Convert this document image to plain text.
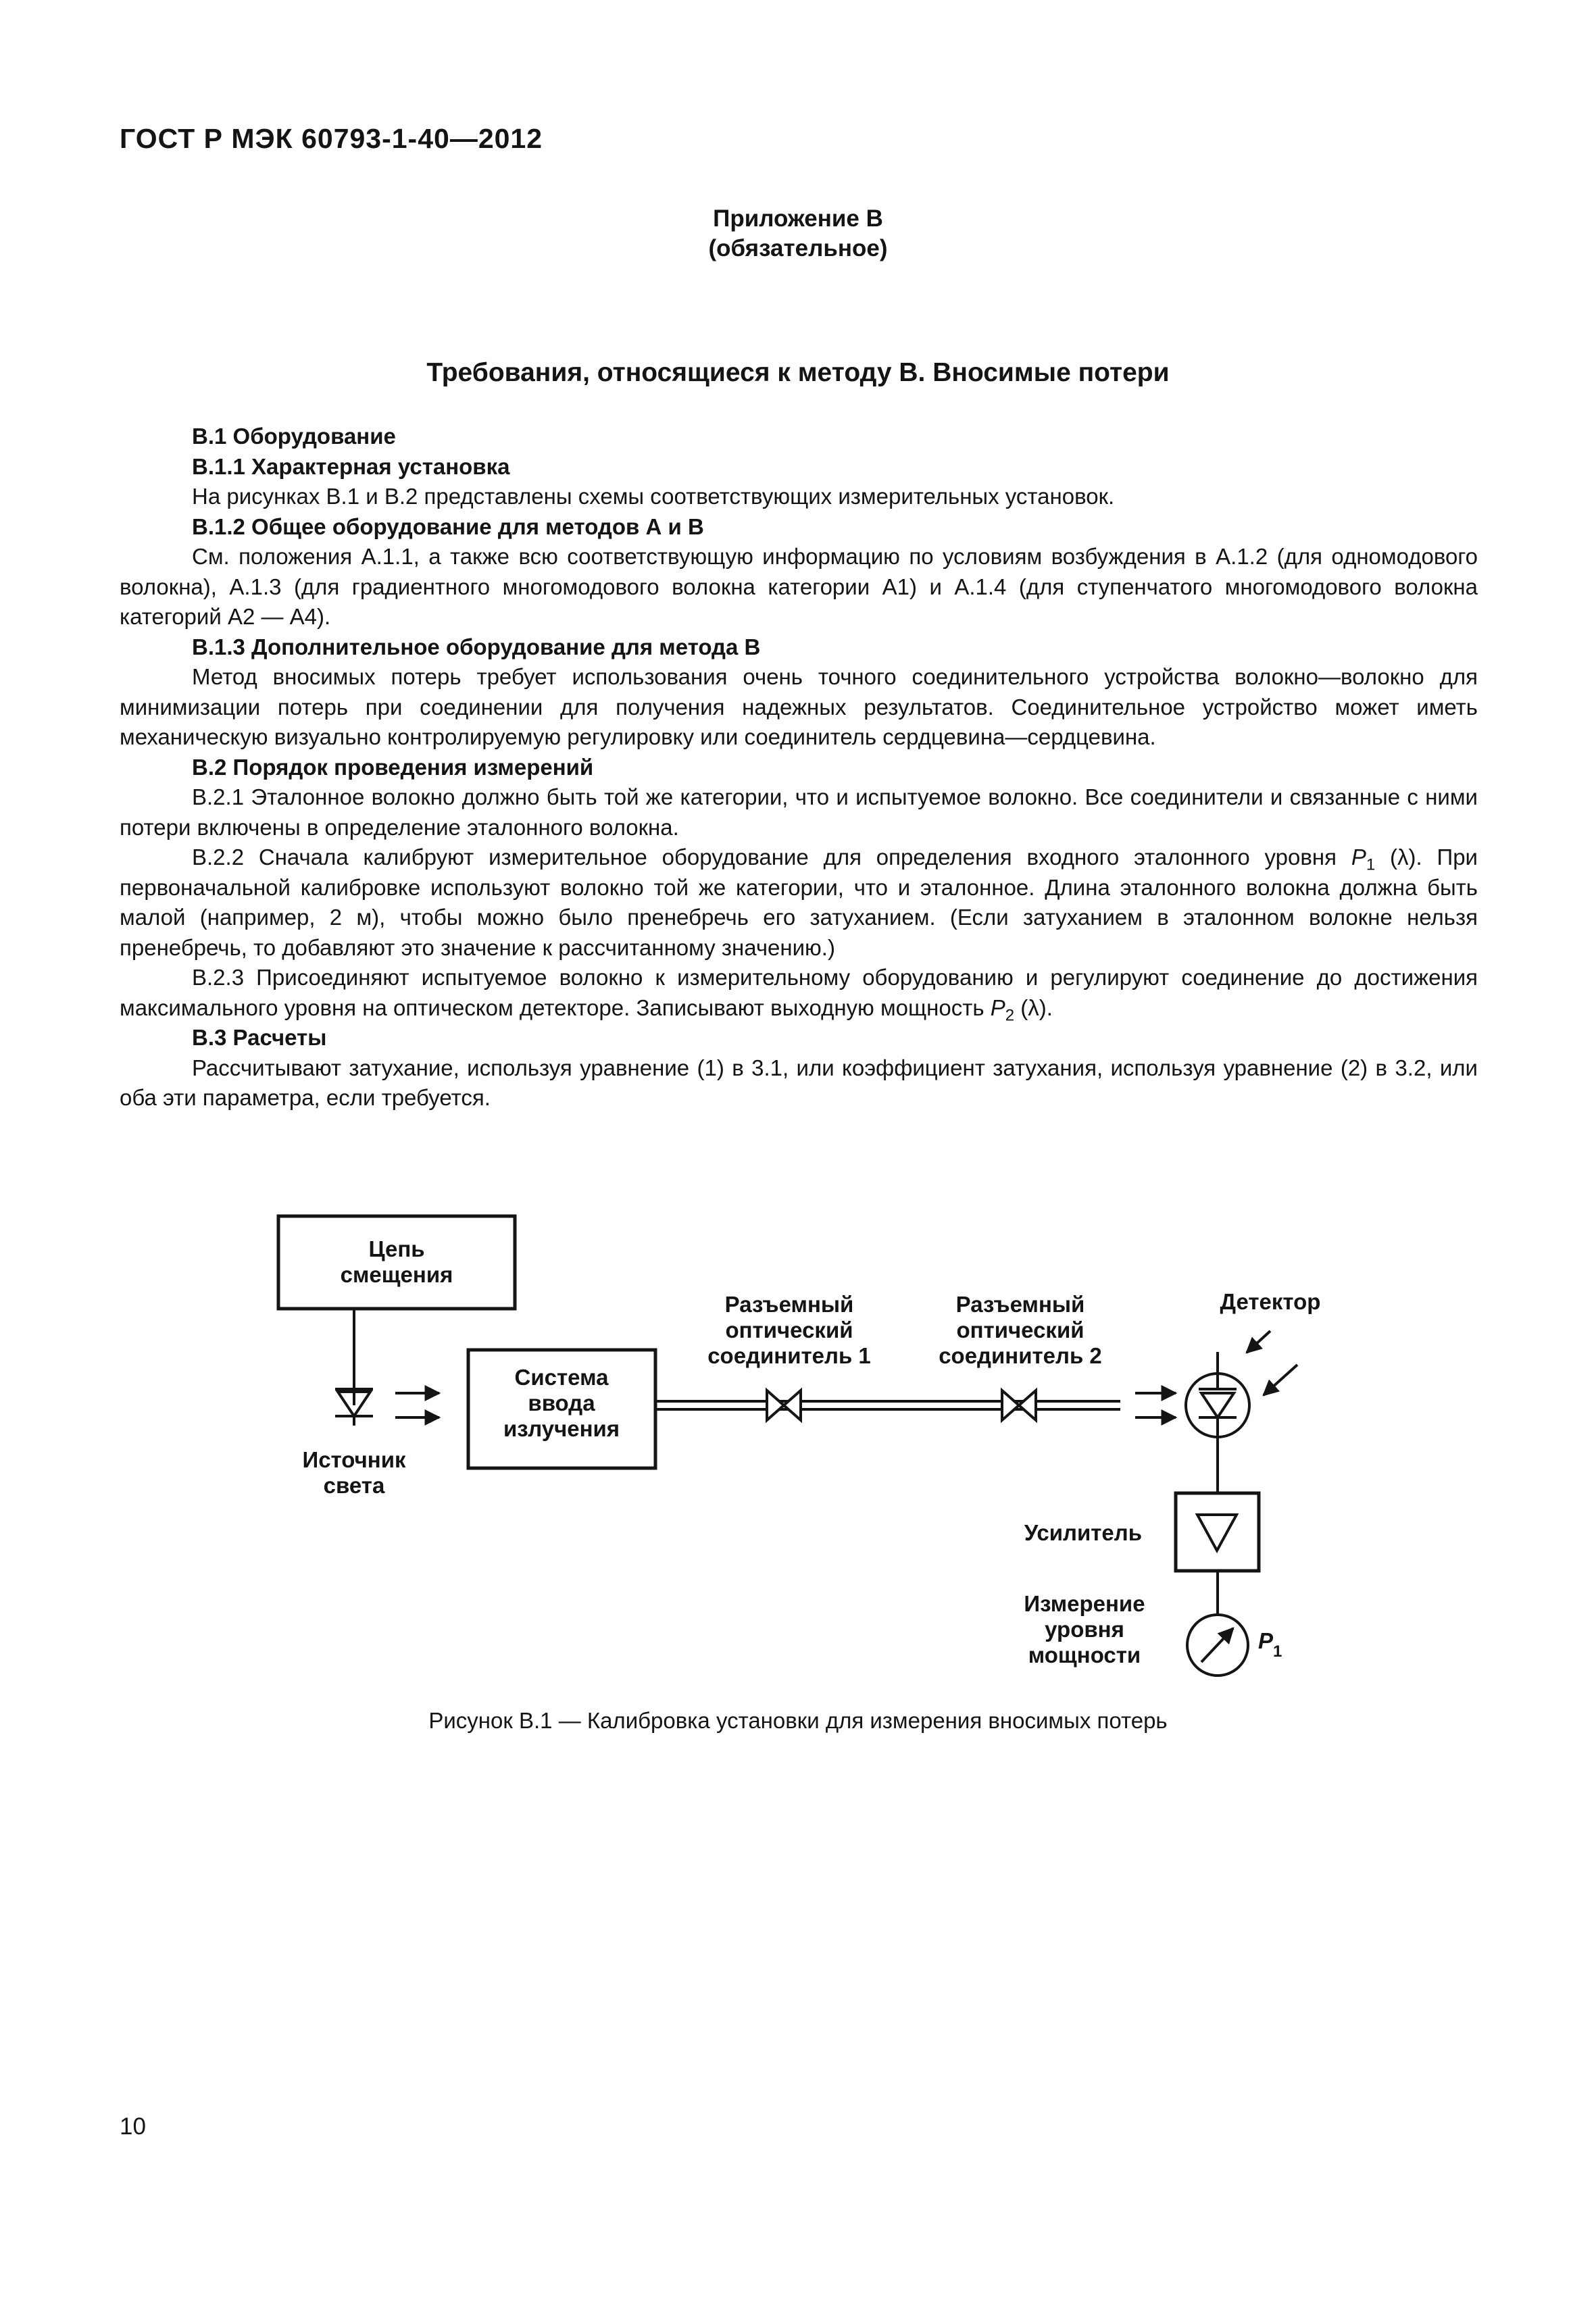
ГОСТ Р МЭК 60793-1-40—2012
Приложение В
(обязательное)
Требования, относящиеся к методу В. Вносимые потери

В.1 Оборудование

В.1.1 Характерная установка

На рисунках В.1 и В.2 представлены схемы соответствующих измерительных установок.

В.1.2 Общее оборудование для методов А и В

См. положения А.1.1, а также всю соответствующую информацию по условиям возбуждения в А.1.2 (для одномодового волокна), А.1.3 (для градиентного многомодового волокна категории А1) и А.1.4 (для ступенчатого многомодового волокна категорий А2 — А4).

В.1.3 Дополнительное оборудование для метода В

Метод вносимых потерь требует использования очень точного соединительного устройства волокно—волокно для минимизации потерь при соединении для получения надежных результатов. Соединительное устройство может иметь механическую визуально контролируемую регулировку или соединитель сердцевина—сердцевина.

В.2 Порядок проведения измерений

В.2.1 Эталонное волокно должно быть той же категории, что и испытуемое волокно. Все соединители и связанные с ними потери включены в определение эталонного волокна.

В.2.2 Сначала калибруют измерительное оборудование для определения входного эталонного уровня $P_1$ (λ). При первоначальной калибровке используют волокно той же категории, что и эталонное. Длина эталонного волокна должна быть малой (например, 2 м), чтобы можно было пренебречь его затуханием. (Если затуханием в эталонном волокне нельзя пренебречь, то добавляют это значение к рассчитанному значению.)

В.2.3 Присоединяют испытуемое волокно к измерительному оборудованию и регулируют соединение до достижения максимального уровня на оптическом детекторе. Записывают выходную мощность $P_2$ (λ).

В.3 Расчеты

Рассчитывают затухание, используя уравнение (1) в 3.1, или коэффициент затухания, используя уравнение (2) в 3.2, или оба эти параметра, если требуется.

Цепь
смещения
Источник
света
Система
ввода
излучения
Разъемный
оптический
соединитель 1
Разъемный
оптический
соединитель 2
Детектор
Усилитель
Измерение
уровня
мощности
P 1
Рисунок В.1 — Калибровка установки для измерения вносимых потерь
10
